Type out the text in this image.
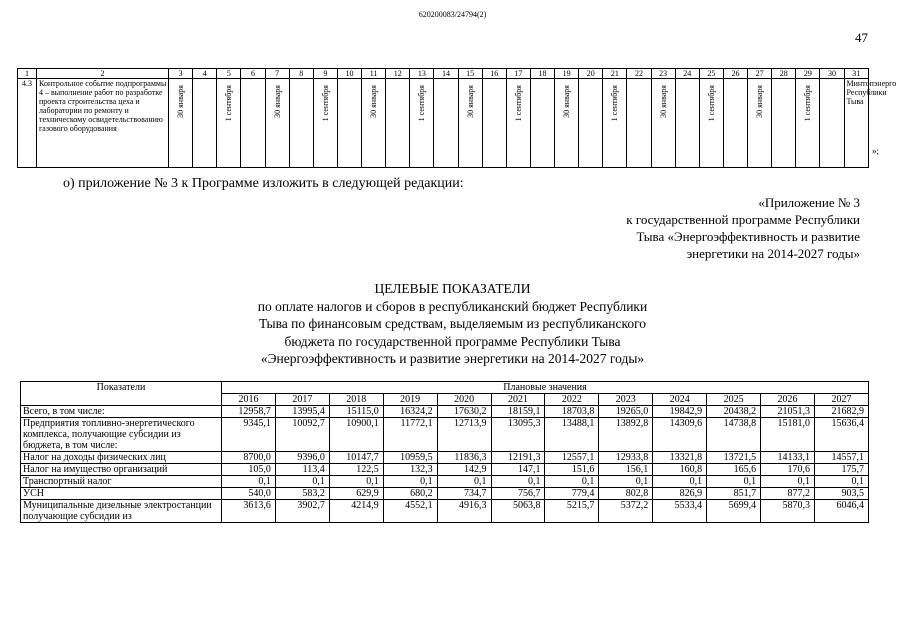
620200083/24794(2)
47
1	2	3	4	5	6	7	8	9	10	11	12	13	14	15	16	17	18	19	20	21	22	23	24	25	26	27	28	29	30	31
4.3	Контрольное событие подпрограммы 4 – выполнение работ по разработке проекта строительства цеха и лаборатории по ремонту и техническому освидетельствованию газового оборудования	30 января		1 сентября		30 января		1 сентября		30 января		1 сентября		30 января		1 сентября		30 января		1 сентября		30 января		1 сентября		30 января		1 сентября		Минтопэнерго Республики Тыва
»;
о) приложение № 3 к Программе изложить в следующей редакции:
«Приложение № 3
к государственной программе Республики
Тыва «Энергоэффективность и развитие
энергетики на 2014-2027 годы»
ЦЕЛЕВЫЕ ПОКАЗАТЕЛИ
по оплате налогов и сборов в республиканский бюджет Республики
Тыва по финансовым средствам, выделяемым из республиканского
бюджета по государственной программе Республики Тыва
«Энергоэффективность и развитие энергетики на 2014-2027 годы»
Показатели	Плановые значения											
	2016	2017	2018	2019	2020	2021	2022	2023	2024	2025	2026	2027
Всего, в том числе:	12958,7	13995,4	15115,0	16324,2	17630,2	18159,1	18703,8	19265,0	19842,9	20438,2	21051,3	21682,9
Предприятия топливно-энергетического комплекса, получающие субсидии из бюджета, в том числе:	9345,1	10092,7	10900,1	11772,1	12713,9	13095,3	13488,1	13892,8	14309,6	14738,8	15181,0	15636,4
Налог на доходы физических лиц	8700,0	9396,0	10147,7	10959,5	11836,3	12191,3	12557,1	12933,8	13321,8	13721,5	14133,1	14557,1
Налог на имущество организаций	105,0	113,4	122,5	132,3	142,9	147,1	151,6	156,1	160,8	165,6	170,6	175,7
Транспортный налог	0,1	0,1	0,1	0,1	0,1	0,1	0,1	0,1	0,1	0,1	0,1	0,1
УСН	540,0	583,2	629,9	680,2	734,7	756,7	779,4	802,8	826,9	851,7	877,2	903,5
Муниципальные дизельные электростанции получающие субсидии из	3613,6	3902,7	4214,9	4552,1	4916,3	5063,8	5215,7	5372,2	5533,4	5699,4	5870,3	6046,4
